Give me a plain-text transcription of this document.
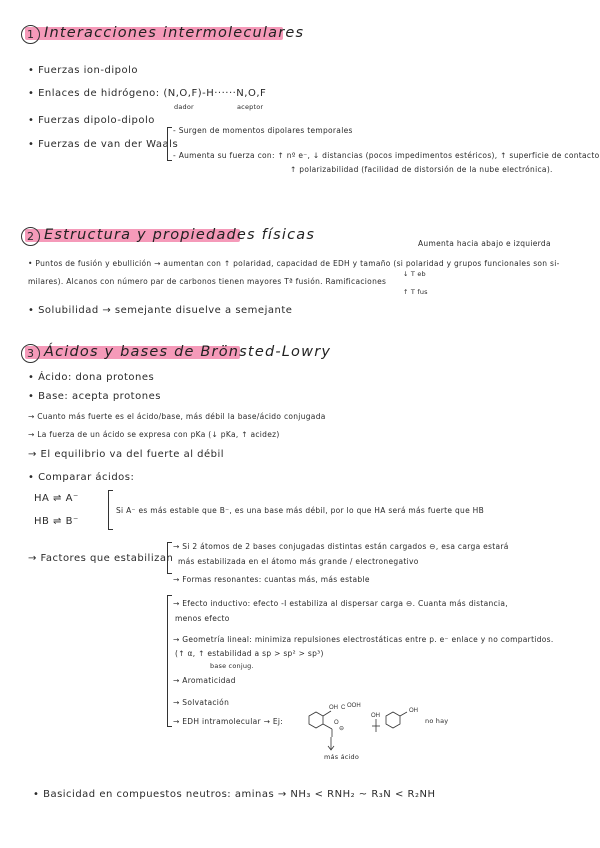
1 Interacciones intermoleculares
• Fuerzas ion-dipolo
• Enlaces de hidrógeno: (N,O,F)-H······N,O,F
dador	aceptor
• Fuerzas dipolo-dipolo
• Fuerzas de van der Waals
- Surgen de momentos dipolares temporales
- Aumenta su fuerza con: ↑ nº e⁻, ↓ distancias (pocos impedimentos estéricos), ↑ superficie de contacto
↑ polarizabilidad (facilidad de distorsión de la nube electrónica).
2 Estructura y propiedades físicas
Aumenta hacia abajo e izquierda
• Puntos de fusión y ebullición → aumentan con ↑ polaridad, capacidad de EDH y tamaño (si polaridad y grupos funcionales son si-
milares). Alcanos con número par de carbonos tienen mayores Tª fusión. Ramificaciones
↓ T eb
↑ T fus
• Solubilidad → semejante disuelve a semejante
3 Ácidos y bases de Brönsted-Lowry
• Ácido: dona protones
• Base: acepta protones
→ Cuanto más fuerte es el ácido/base, más débil la base/ácido conjugada
→ La fuerza de un ácido se expresa con pKa (↓ pKa, ↑ acidez)
→ El equilibrio va del fuerte al débil
• Comparar ácidos:
HA ⇌ A⁻
HB ⇌ B⁻
Si A⁻ es más estable que B⁻, es una base más débil, por lo que HA será más fuerte que HB
→ Factores que estabilizan
→ Si 2 átomos de 2 bases conjugadas distintas están cargados ⊖, esa carga estará
más estabilizada en el átomo más grande / electronegativo
→ Formas resonantes: cuantas más, más estable
→ Efecto inductivo: efecto -I estabiliza al dispersar carga ⊖. Cuanta más distancia,
menos efecto
→ Geometría lineal: minimiza repulsiones electrostáticas entre p. e⁻ enlace y no compartidos.
(↑ α, ↑ estabilidad a sp > sp² > sp³)
base conjug.
→ Aromaticidad
→ Solvatación
→ EDH intramolecular → Ej:	no hay
más ácido
OH C OOH
O
⊖
OH
OH
• Basicidad en compuestos neutros: aminas → NH₃ < RNH₂ ~ R₃N < R₂NH
